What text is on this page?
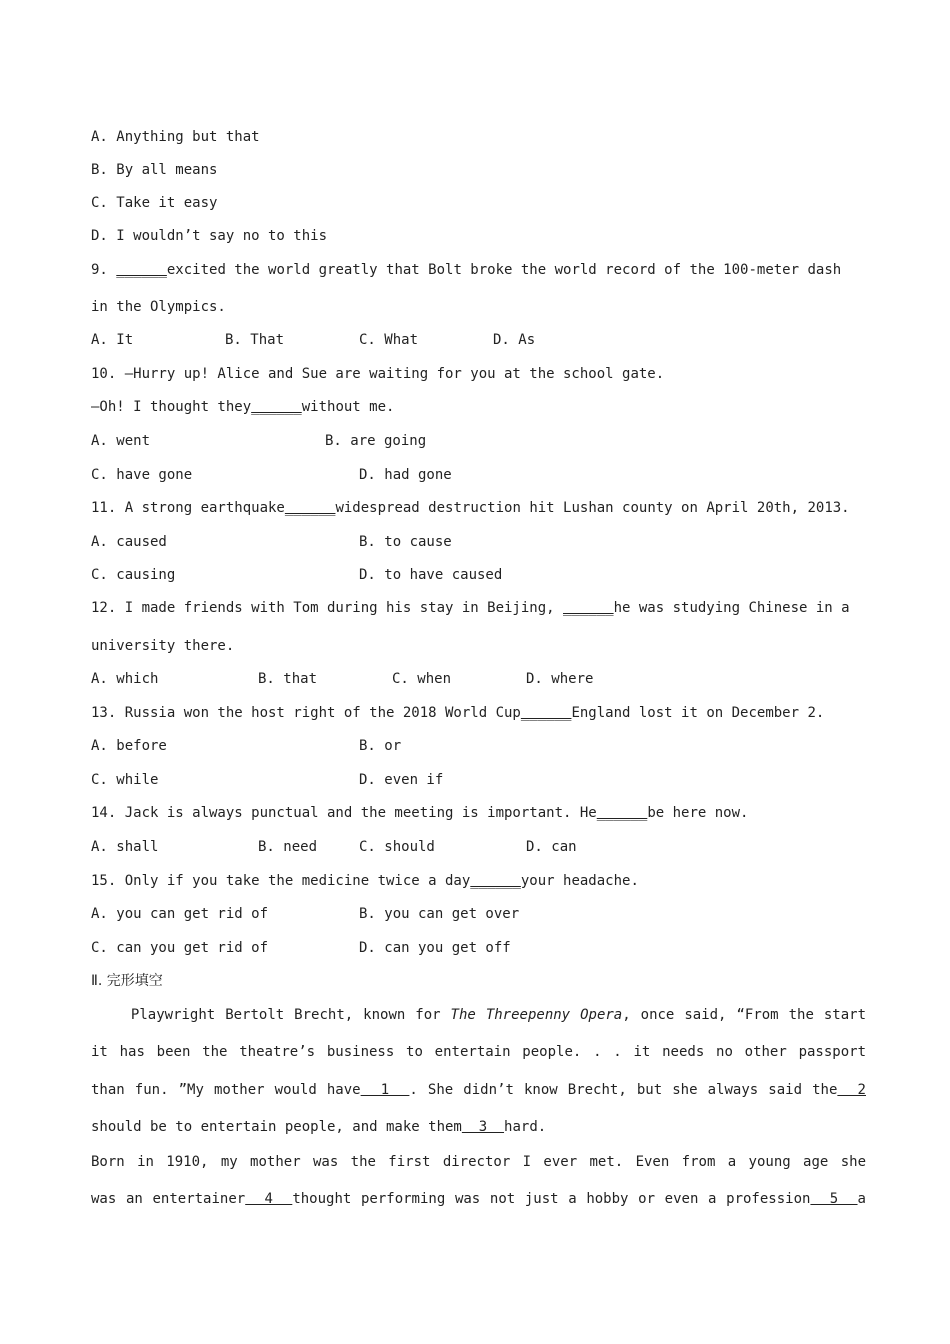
A. Anything but that

B. By all means

C. Take it easy

D. I wouldn’t say no to this

9. ______excited the world greatly that Bolt broke the world record of the 100-meter dash

in the Olympics.

A. It	B. That	C. What	D. As

10. —Hurry up! Alice and Sue are waiting for you at the school gate.

—Oh! I thought they______without me.

A. went	B. are going

C. have gone	D. had gone

11. A strong earthquake______widespread destruction hit Lushan county on April 20th, 2013.

A. caused	B. to cause

C. causing	D. to have caused

12. I made friends with Tom during his stay in Beijing, ______he was studying Chinese in a

university there.

A. which	B. that	C. when	D. where

13. Russia won the host right of the 2018 World Cup______England lost it on December 2.

A. before	B. or

C. while	D. even if

14. Jack is always punctual and the meeting is important. He______be here now.

A. shall	B. need	C. should	D. can

15. Only if you take the medicine twice a day______your headache.

A. you can get rid of	B. you can get over

C. can you get rid of	D. can you get off

Ⅱ. 完形填空

Playwright Bertolt Brecht, known for The Threepenny Opera, once said, “From the start

it has been the theatre’s business to entertain people. . . it needs no other passport

than fun. ”My mother would have  1  . She didn’t know Brecht, but she always said the  2

should be to entertain people, and make them  3  hard.

Born in 1910, my mother was the first director I ever met. Even from a young age she

was an entertainer  4  thought performing was not just a hobby or even a profession  5  a
